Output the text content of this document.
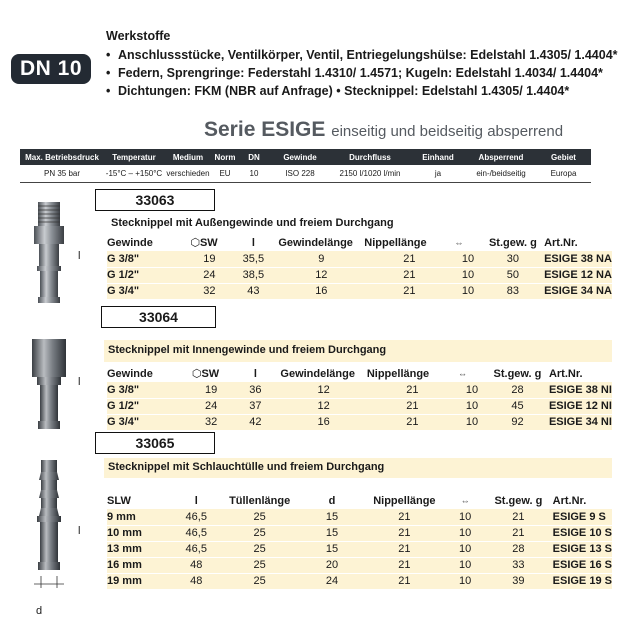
DN 10
Werkstoffe
• Anschlussstücke, Ventilkörper, Ventil, Entriegelungshülse: Edelstahl 1.4305/ 1.4404*
• Federn, Sprengringe: Federstahl 1.4310/ 1.4571; Kugeln: Edelstahl 1.4034/ 1.4404*
• Dichtungen: FKM (NBR auf Anfrage) • Stecknippel: Edelstahl 1.4305/ 1.4404*
Serie ESIGE einseitig und beidseitig absperrend
Max. Betriebsdruck	Temperatur	Medium	Norm	DN	Gewinde	Durchfluss	Einhand	Absperrend	Gebiet
PN 35 bar	-15°C – +150°C	verschieden	EU	10	ISO 228	2150 l/1020 l/min	ja	ein-/beidseitig	Europa
l
33063
Stecknippel mit Außengewinde und freiem Durchgang
Gewinde	⬡SW	l	Gewindelänge	Nippellänge	⇔	St.gew. g	Art.Nr.
G 3/8"	19	35,5	9	21	10	30	ESIGE 38 NA
G 1/2"	24	38,5	12	21	10	50	ESIGE 12 NA
G 3/4"	32	43	16	21	10	83	ESIGE 34 NA
l
33064
Stecknippel mit Innengewinde und freiem Durchgang
Gewinde	⬡SW	l	Gewindelänge	Nippellänge	⇔	St.gew. g	Art.Nr.
G 3/8"	19	36	12	21	10	28	ESIGE 38 NI
G 1/2"	24	37	12	21	10	45	ESIGE 12 NI
G 3/4"	32	42	16	21	10	92	ESIGE 34 NI
l
d
33065
Stecknippel mit Schlauchtülle und freiem Durchgang
SLW	l	Tüllenlänge	d	Nippellänge	⇔	St.gew. g	Art.Nr.
9 mm	46,5	25	15	21	10	21	ESIGE 9 S
10 mm	46,5	25	15	21	10	21	ESIGE 10 S
13 mm	46,5	25	15	21	10	28	ESIGE 13 S
16 mm	48	25	20	21	10	33	ESIGE 16 S
19 mm	48	25	24	21	10	39	ESIGE 19 S
